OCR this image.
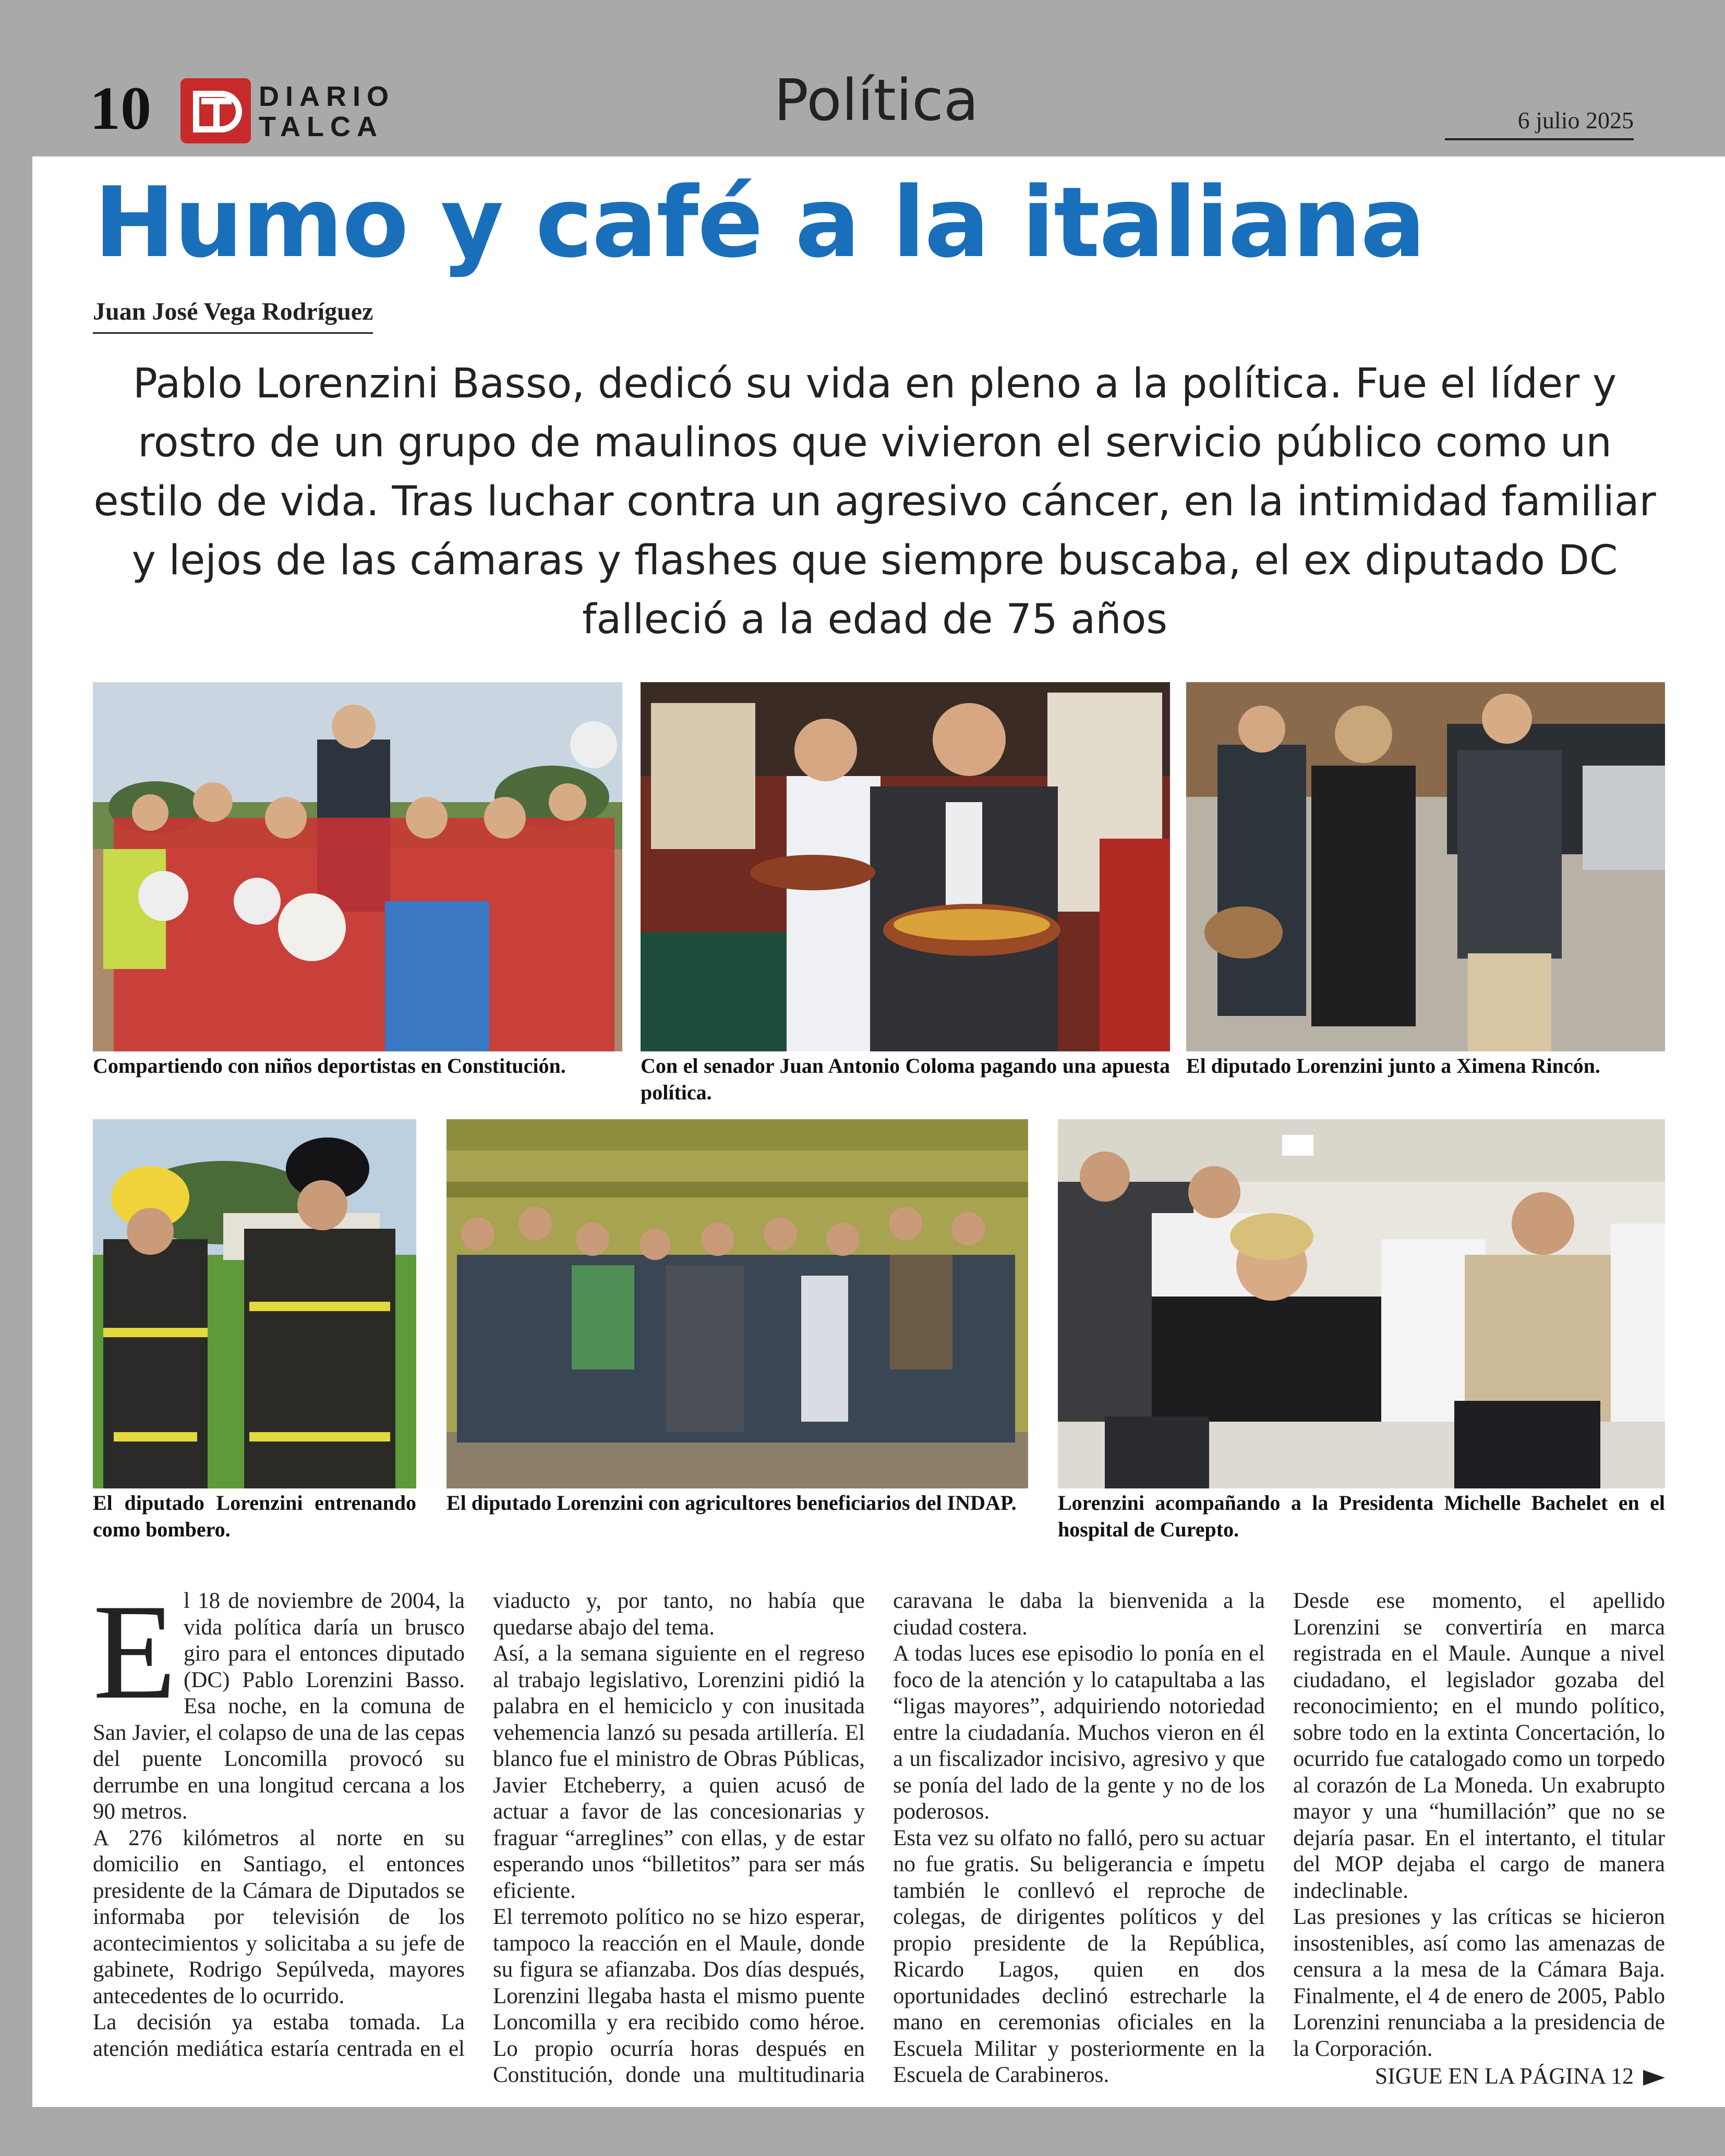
10	DIARIO
TALCA	Política	6 julio 2025
Humo y café a la italiana
Juan José Vega Rodríguez
Pablo Lorenzini Basso, dedicó su vida en pleno a la política. Fue el líder y rostro de un grupo de maulinos que vivieron el servicio público como un estilo de vida. Tras luchar contra un agresivo cáncer, en la intimidad familiar y lejos de las cámaras y flashes que siempre buscaba, el ex diputado DC falleció a la edad de 75 años
Compartiendo con niños deportistas en Constitución.	Con el senador Juan Antonio Coloma pagando una apuesta política.
El diputado Lorenzini junto a Ximena Rincón.
El diputado Lorenzini entrenando como bombero.
El diputado Lorenzini con agricultores beneficiarios del INDAP.	Lorenzini acompañando a la Presidenta Michelle Bachelet en el hospital de Curepto.

El 18 de noviembre de 2004, la vida política daría un brusco giro para el entonces diputado (DC) Pablo Lorenzini Basso. Esa noche, en la comuna de San Javier, el colapso de una de las cepas del puente Loncomilla provocó su derrumbe en una longitud cercana a los 90 metros.

A 276 kilómetros al norte en su domicilio en Santiago, el entonces presidente de la Cámara de Diputados se informaba por televisión de los acontecimientos y solicitaba a su jefe de gabinete, Rodrigo Sepúlveda, mayores antecedentes de lo ocurrido.

La decisión ya estaba tomada. La atención mediática estaría centrada en el viaducto y, por tanto, no había que quedarse abajo del tema.

Así, a la semana siguiente en el regreso al trabajo legislativo, Lorenzini pidió la palabra en el hemiciclo y con inusitada vehemencia lanzó su pesada artillería. El blanco fue el ministro de Obras Públicas, Javier Etcheberry, a quien acusó de actuar a favor de las concesionarias y fraguar “arreglines” con ellas, y de estar esperando unos “billetitos” para ser más eficiente.

El terremoto político no se hizo esperar, tampoco la reacción en el Maule, donde su figura se afianzaba. Dos días después, Lorenzini llegaba hasta el mismo puente Loncomilla y era recibido como héroe. Lo propio ocurría horas después en Constitución, donde una multitudinaria caravana le daba la bienvenida a la ciudad costera.

A todas luces ese episodio lo ponía en el foco de la atención y lo catapultaba a las “ligas mayores”, adquiriendo notoriedad entre la ciudadanía. Muchos vieron en él a un fiscalizador incisivo, agresivo y que se ponía del lado de la gente y no de los poderosos.

Esta vez su olfato no falló, pero su actuar no fue gratis. Su beligerancia e ímpetu también le conllevó el reproche de colegas, de dirigentes políticos y del propio presidente de la República, Ricardo Lagos, quien en dos oportunidades declinó estrecharle la mano en ceremonias oficiales en la Escuela Militar y posteriormente en la Escuela de Carabineros.

Desde ese momento, el apellido Lorenzini se convertiría en marca registrada en el Maule. Aunque a nivel ciudadano, el legislador gozaba del reconocimiento; en el mundo político, sobre todo en la extinta Concertación, lo ocurrido fue catalogado como un torpedo al corazón de La Moneda. Un exabrupto mayor y una “humillación” que no se dejaría pasar. En el intertanto, el titular del MOP dejaba el cargo de manera indeclinable.

Las presiones y las críticas se hicieron insostenibles, así como las amenazas de censura a la mesa de la Cámara Baja. Finalmente, el 4 de enero de 2005, Pablo Lorenzini renunciaba a la presidencia de la Corporación.

SIGUE EN LA PÁGINA 12
